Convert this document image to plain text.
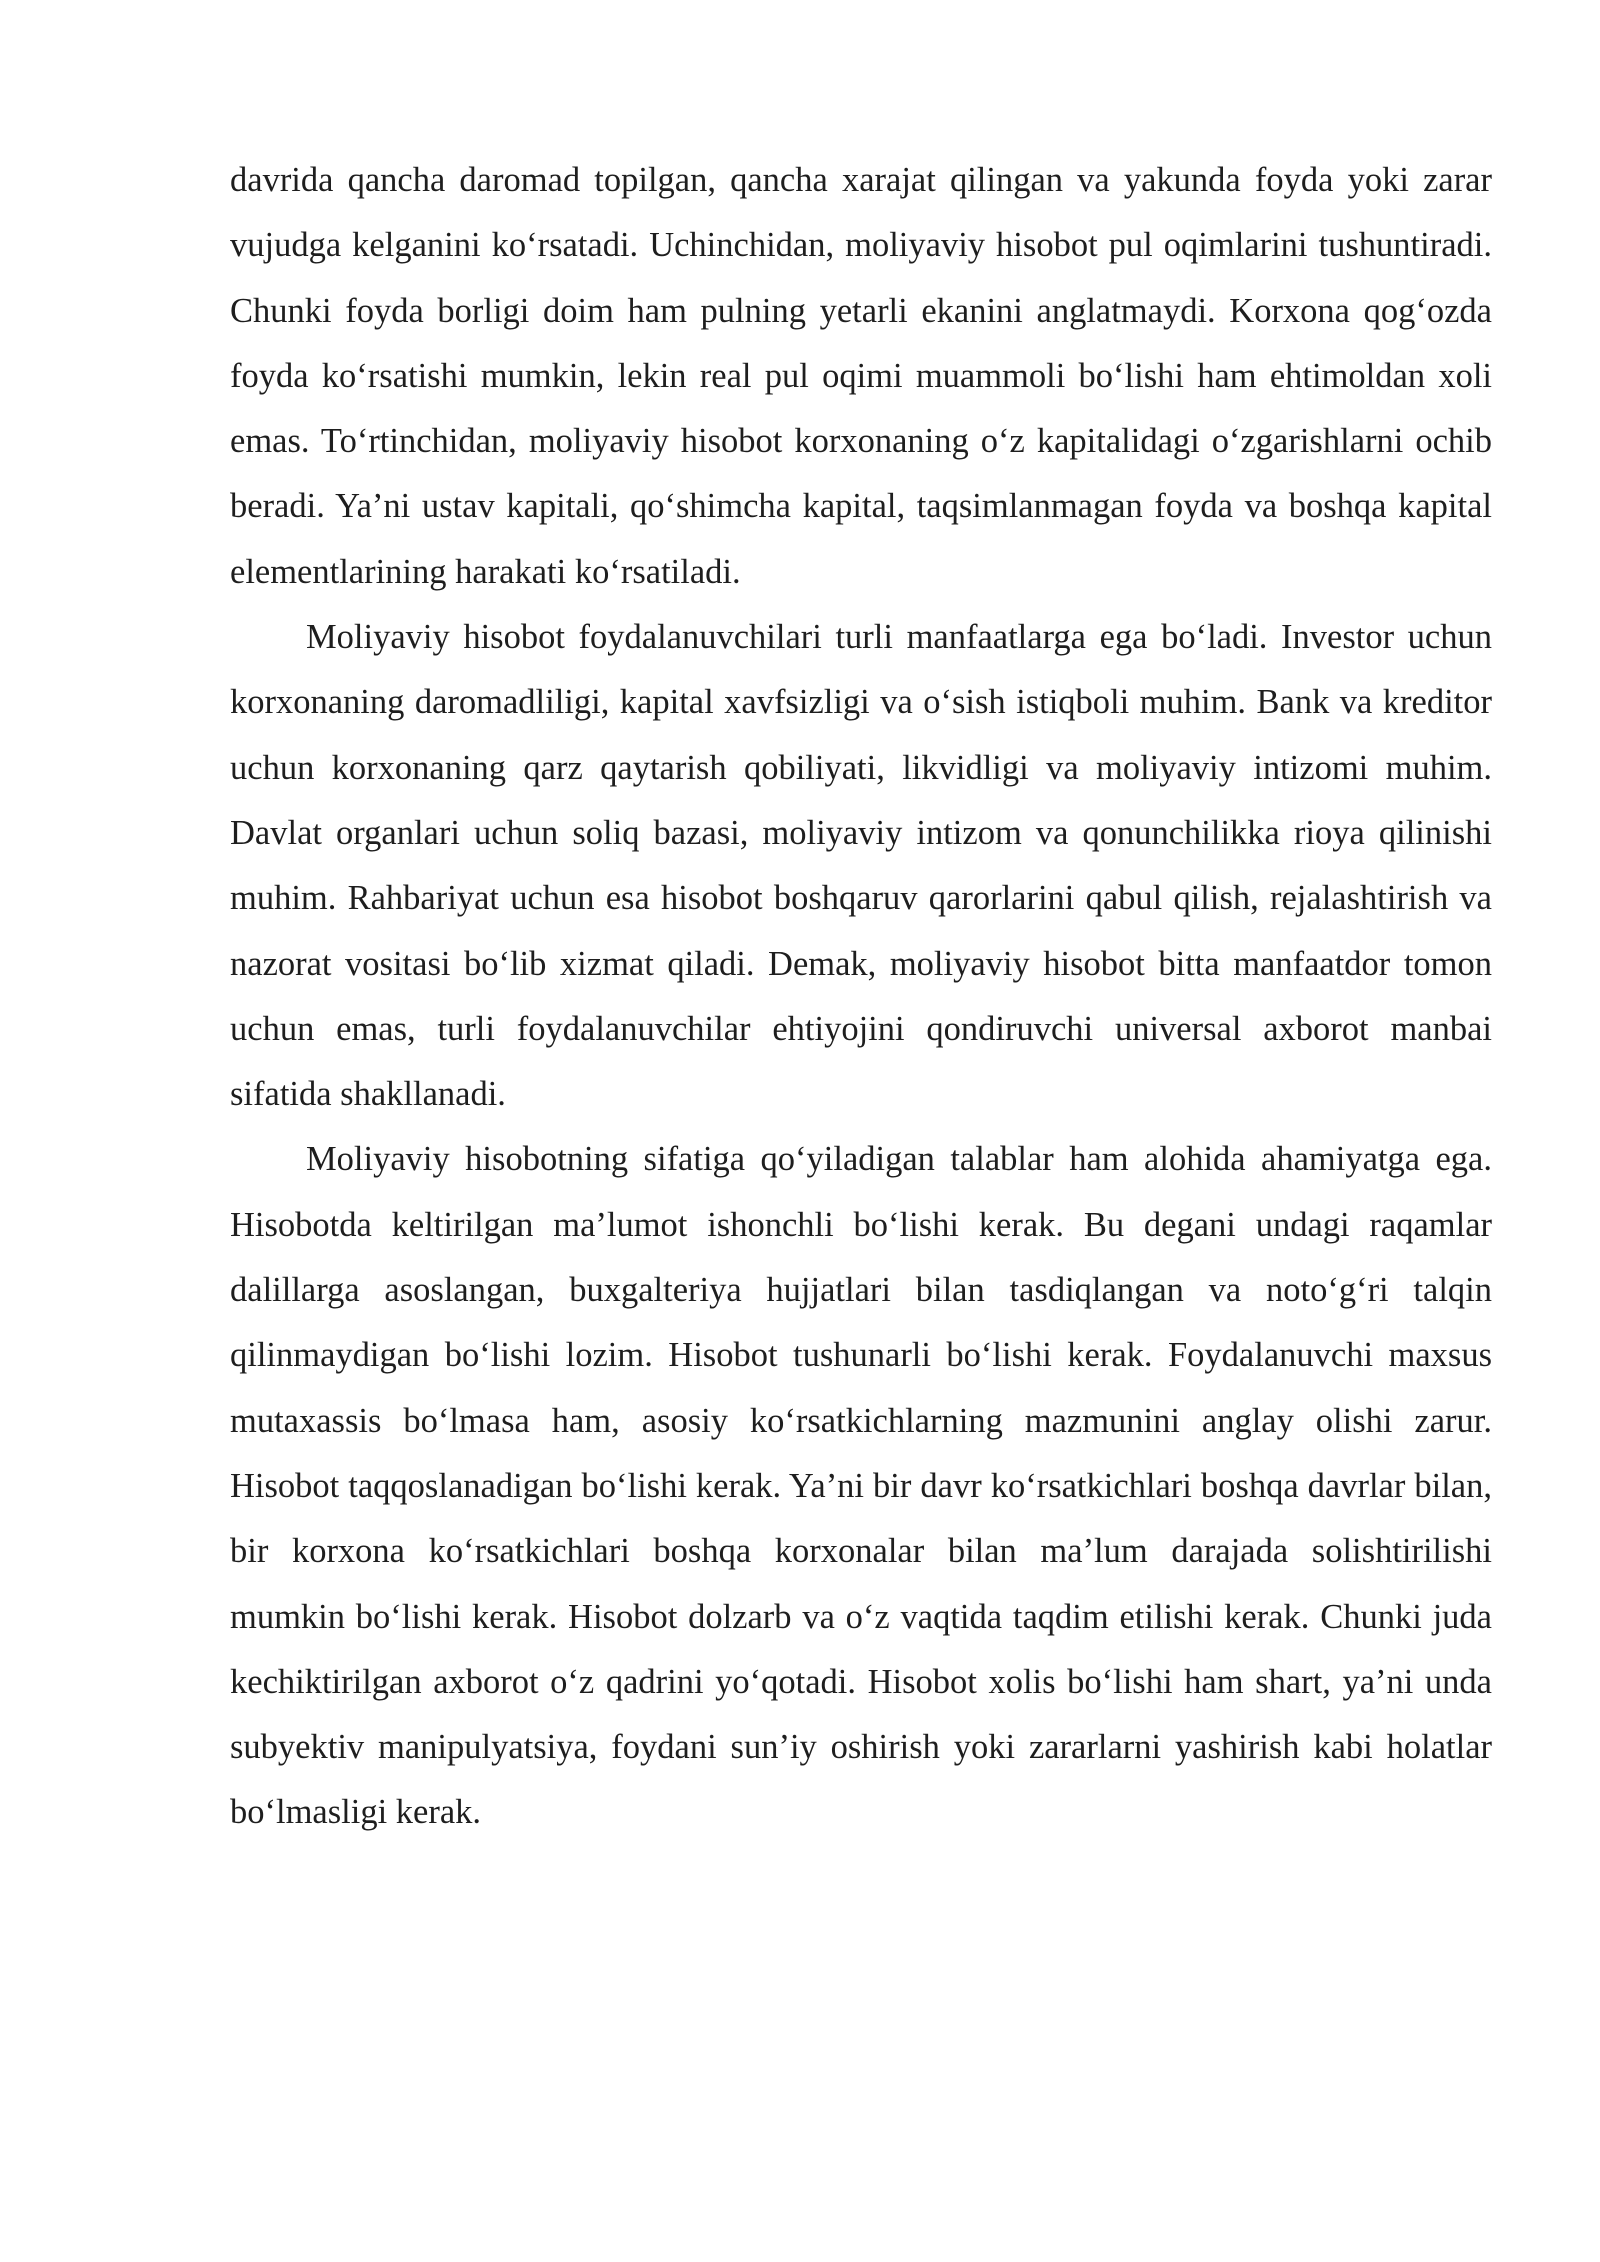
davrida qancha daromad topilgan, qancha xarajat qilingan va yakunda foyda yoki zarar vujudga kelganini ko‘rsatadi. Uchinchidan, moliyaviy hisobot pul oqimlarini tushuntiradi. Chunki foyda borligi doim ham pulning yetarli ekanini anglatmaydi. Korxona qog‘ozda foyda ko‘rsatishi mumkin, lekin real pul oqimi muammoli bo‘lishi ham ehtimoldan xoli emas. To‘rtinchidan, moliyaviy hisobot korxonaning o‘z kapitalidagi o‘zgarishlarni ochib beradi. Ya’ni ustav kapitali, qo‘shimcha kapital, taqsimlanmagan foyda va boshqa kapital elementlarining harakati ko‘rsatiladi.

Moliyaviy hisobot foydalanuvchilari turli manfaatlarga ega bo‘ladi. Investor uchun korxonaning daromadliligi, kapital xavfsizligi va o‘sish istiqboli muhim. Bank va kreditor uchun korxonaning qarz qaytarish qobiliyati, likvidligi va moliyaviy intizomi muhim. Davlat organlari uchun soliq bazasi, moliyaviy intizom va qonunchilikka rioya qilinishi muhim. Rahbariyat uchun esa hisobot boshqaruv qarorlarini qabul qilish, rejalashtirish va nazorat vositasi bo‘lib xizmat qiladi. Demak, moliyaviy hisobot bitta manfaatdor tomon uchun emas, turli foydalanuvchilar ehtiyojini qondiruvchi universal axborot manbai sifatida shakllanadi.

Moliyaviy hisobotning sifatiga qo‘yiladigan talablar ham alohida ahamiyatga ega. Hisobotda keltirilgan ma’lumot ishonchli bo‘lishi kerak. Bu degani undagi raqamlar dalillarga asoslangan, buxgalteriya hujjatlari bilan tasdiqlangan va noto‘g‘ri talqin qilinmaydigan bo‘lishi lozim. Hisobot tushunarli bo‘lishi kerak. Foydalanuvchi maxsus mutaxassis bo‘lmasa ham, asosiy ko‘rsatkichlarning mazmunini anglay olishi zarur. Hisobot taqqoslanadigan bo‘lishi kerak. Ya’ni bir davr ko‘rsatkichlari boshqa davrlar bilan, bir korxona ko‘rsatkichlari boshqa korxonalar bilan ma’lum darajada solishtirilishi mumkin bo‘lishi kerak. Hisobot dolzarb va o‘z vaqtida taqdim etilishi kerak. Chunki juda kechiktirilgan axborot o‘z qadrini yo‘qotadi. Hisobot xolis bo‘lishi ham shart, ya’ni unda subyektiv manipulyatsiya, foydani sun’iy oshirish yoki zararlarni yashirish kabi holatlar bo‘lmasligi kerak.
